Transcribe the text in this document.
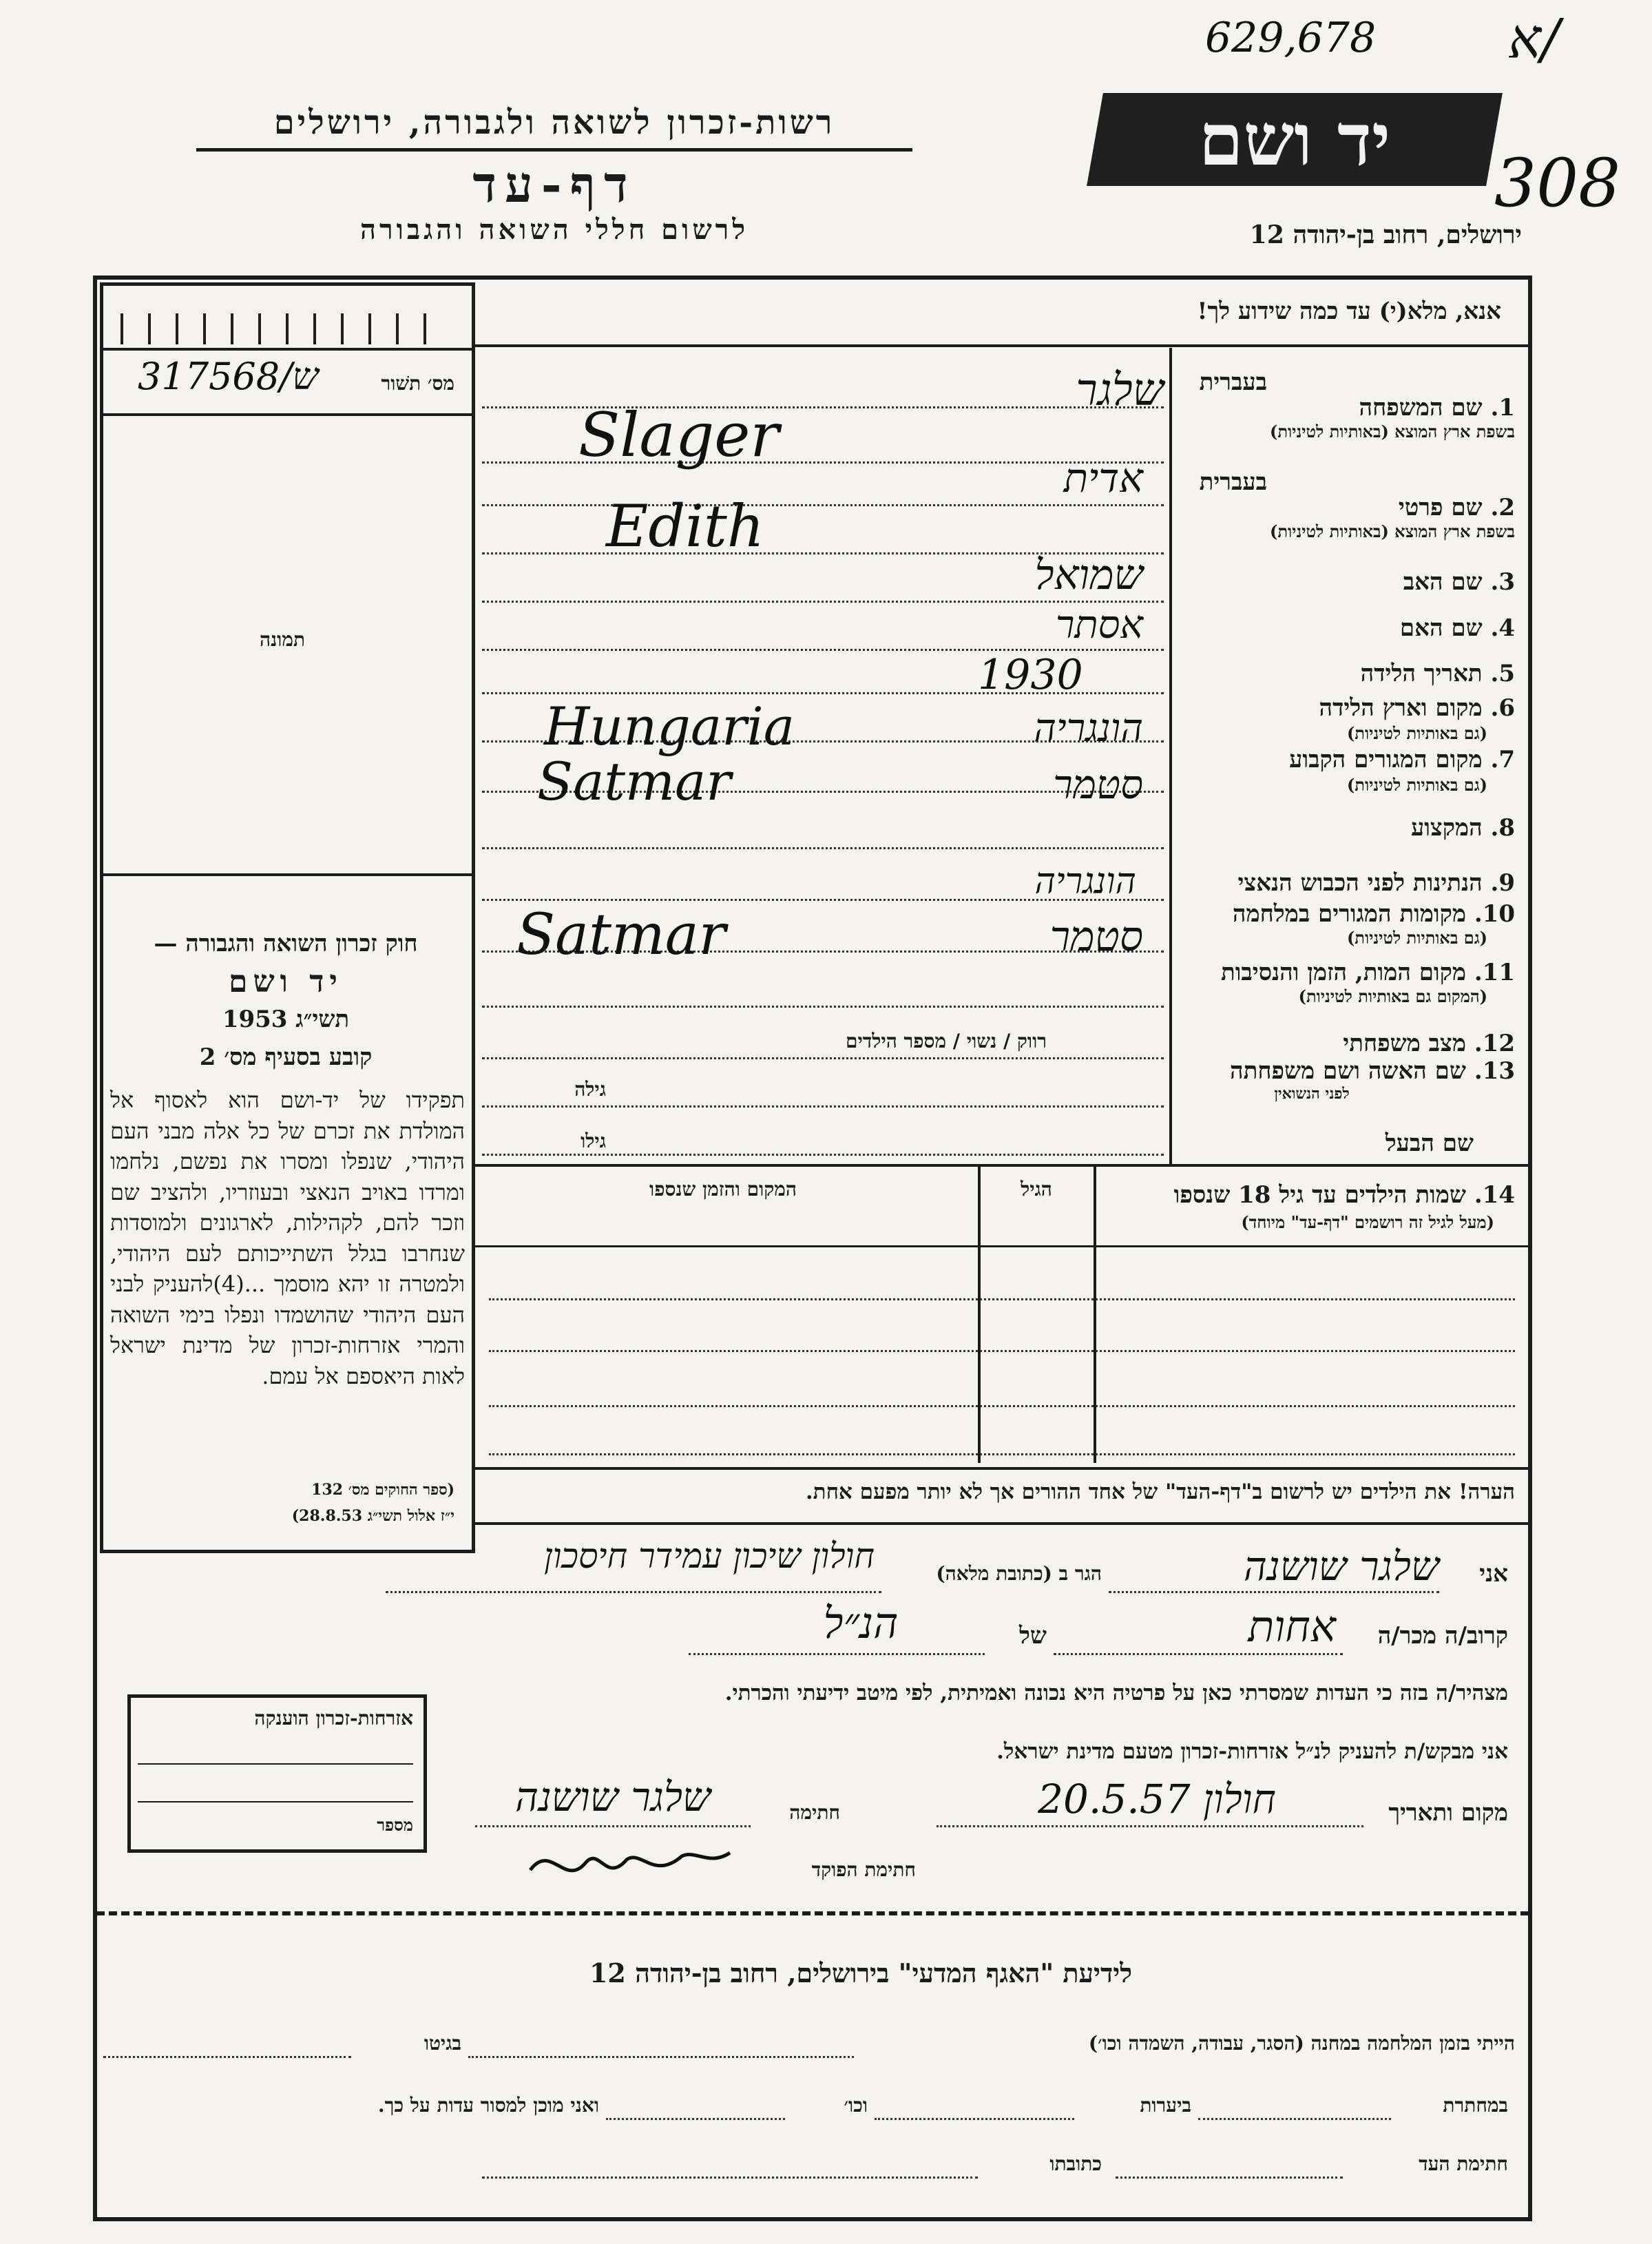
629,678 א/
308
יד ושם
רשות-זכרון לשואה ולגבורה, ירושלים
דף-עד
לרשום חללי השואה והגבורה	ירושלים, רחוב בן-יהודה 12
מס׳ תשׁור
317568/ש
תמונה
חוק זכרון השואה והגבורה —
יד ושם
תשי״ג 1953
קובע בסעיף מס׳ 2
תפקידו של יד-ושם הוא לאסוף אל המולדת את זכרם של כל אלה מבני העם היהודי, שנפלו ומסרו את נפשם, נלחמו ומרדו באויב הנאצי ובעוזריו, ולהציב שם וזכר להם, לקהילות, לארגונים ולמוסדות שנחרבו בגלל השתייכותם לעם היהודי, ולמטרה זו יהא מוסמך ...(4)להעניק לבני העם היהודי שהושמדו ונפלו בימי השואה והמרי אזרחות-זכרון של מדינת ישראל לאות היאספם אל עמם.
(ספר החוקים מס׳ 132
י״ז אלול תשי״ג 28.8.53)
אזרחות-זכרון הוענקה
מספר
אנא, מלא(י) עד כמה שידוע לך!
בעברית
1. שם המשפחה
בשפת ארץ המוצא (באותיות לטיניות)
שלגר
Slager
בעברית
2. שם פרטי
בשפת ארץ המוצא (באותיות לטיניות)
אדית
Edith
3. שם האב
שמואל
4. שם האם
אסתר
5. תאריך הלידה
1930
6. מקום וארץ הלידה
(גם באותיות לטיניות)
הונגריה
Hungaria
7. מקום המגורים הקבוע
(גם באותיות לטיניות)
סטמר
Satmar
8. המקצוע
9. הנתינות לפני הכבוש הנאצי
הונגריה
10. מקומות המגורים במלחמה
(גם באותיות לטיניות)
סטמר
Satmar
11. מקום המות, הזמן והנסיבות
(המקום גם באותיות לטיניות)
12. מצב משפחתי
רווק / נשוי / מספר הילדים
13. שם האשה ושם משפחתה
לפני הנשואין
גילה
שם הבעל
גילו
14. שמות הילדים עד גיל 18 שנספו
(מעל לגיל זה רושמים "דף-עד" מיוחד)
הגיל
המקום והזמן שנספו
הערה! את הילדים יש לרשום ב"דף-העד" של אחד ההורים אך לא יותר מפעם אחת.
אני
שלגר שושנה
הגר ב (כתובת מלאה)
חולון שיכון עמידר חיסכון
קרוב/ה מכר/ה
אחות
של
הנ״ל
מצהיר/ה בזה כי העדות שמסרתי כאן על פרטיה היא נכונה ואמיתית, לפי מיטב ידיעתי והכרתי.
אני מבקש/ת להעניק לנ״ל אזרחות-זכרון מטעם מדינת ישראל.
מקום ותאריך
חולון 20.5.57
חתימה
שלגר שושנה
חתימת הפוקד
לידיעת "האגף המדעי" בירושלים, רחוב בן-יהודה 12
הייתי בזמן המלחמה במחנה (הסגר, עבודה, השמדה וכו׳)
בגיטו
במחתרת
ביערות
וכו׳
ואני מוכן למסור עדות על כך.
חתימת העד
כתובתו
